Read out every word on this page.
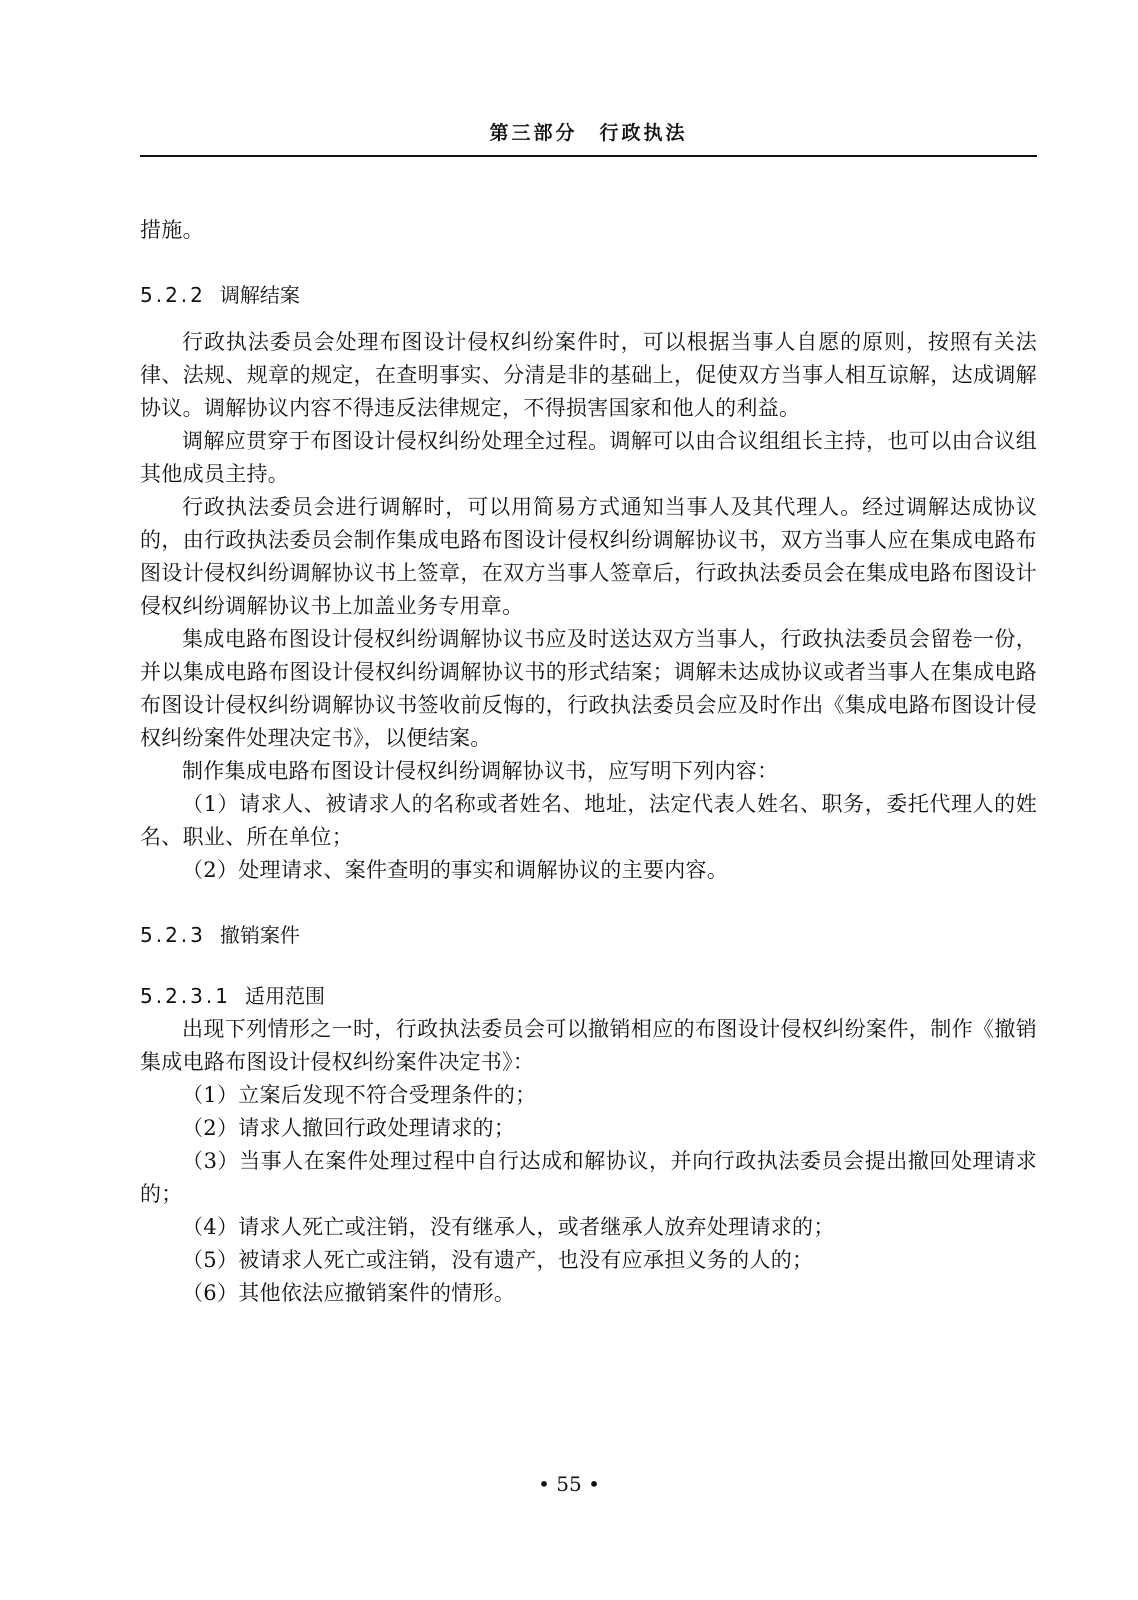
第三部分　行政执法

措施。

5.2.2 调解结案

行政执法委员会处理布图设计侵权纠纷案件时，可以根据当事人自愿的原则，按照有关法律、法规、规章的规定，在查明事实、分清是非的基础上，促使双方当事人相互谅解，达成调解协议。调解协议内容不得违反法律规定，不得损害国家和他人的利益。

调解应贯穿于布图设计侵权纠纷处理全过程。调解可以由合议组组长主持，也可以由合议组其他成员主持。

行政执法委员会进行调解时，可以用简易方式通知当事人及其代理人。经过调解达成协议的，由行政执法委员会制作集成电路布图设计侵权纠纷调解协议书，双方当事人应在集成电路布图设计侵权纠纷调解协议书上签章，在双方当事人签章后，行政执法委员会在集成电路布图设计侵权纠纷调解协议书上加盖业务专用章。

集成电路布图设计侵权纠纷调解协议书应及时送达双方当事人，行政执法委员会留卷一份，并以集成电路布图设计侵权纠纷调解协议书的形式结案；调解未达成协议或者当事人在集成电路布图设计侵权纠纷调解协议书签收前反悔的，行政执法委员会应及时作出《集成电路布图设计侵权纠纷案件处理决定书》，以便结案。

制作集成电路布图设计侵权纠纷调解协议书，应写明下列内容：

（1）请求人、被请求人的名称或者姓名、地址，法定代表人姓名、职务，委托代理人的姓名、职业、所在单位；

（2）处理请求、案件查明的事实和调解协议的主要内容。

5.2.3 撤销案件
5.2.3.1 适用范围

出现下列情形之一时，行政执法委员会可以撤销相应的布图设计侵权纠纷案件，制作《撤销集成电路布图设计侵权纠纷案件决定书》：

（1）立案后发现不符合受理条件的；

（2）请求人撤回行政处理请求的；

（3）当事人在案件处理过程中自行达成和解协议，并向行政执法委员会提出撤回处理请求的；

（4）请求人死亡或注销，没有继承人，或者继承人放弃处理请求的；

（5）被请求人死亡或注销，没有遗产，也没有应承担义务的人的；

（6）其他依法应撤销案件的情形。

• 55 •
